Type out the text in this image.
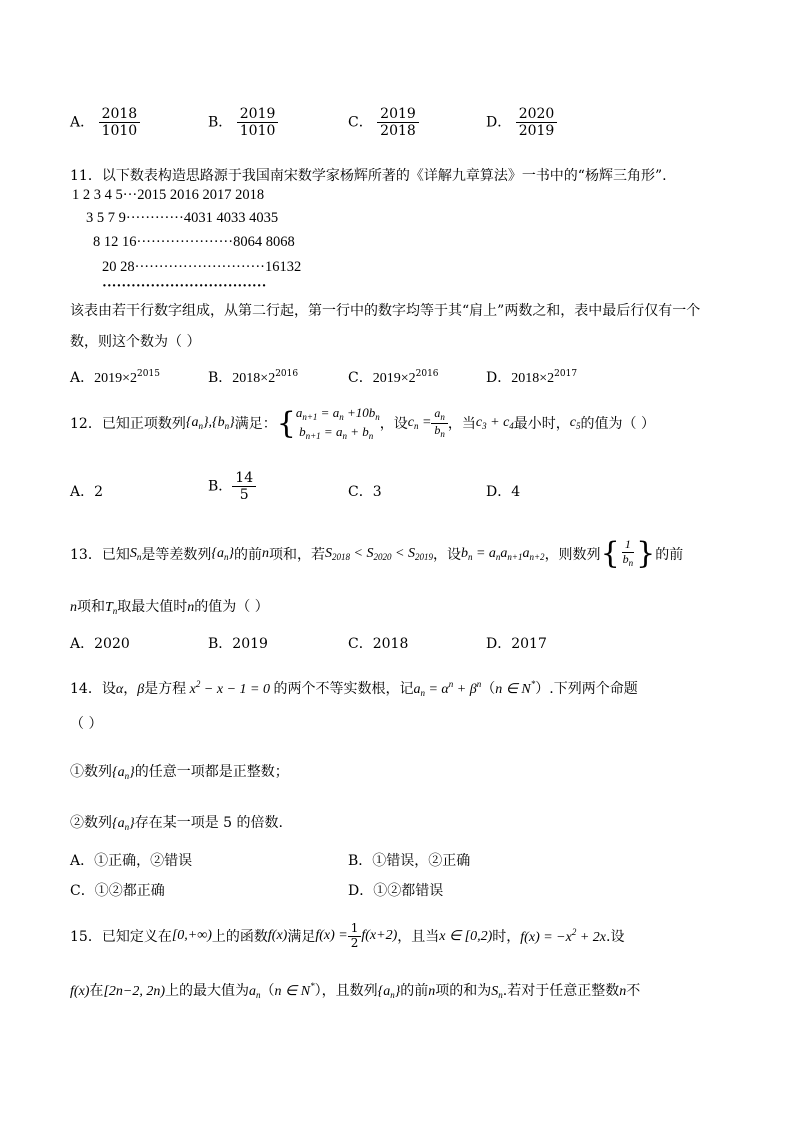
A． $\frac{2018}{1010}$	B． $\frac{2019}{1010}$	C． $\frac{2019}{2018}$	D． $\frac{2020}{2019}$
11．以下数表构造思路源于我国南宋数学家杨辉所著的《详解九章算法》一书中的“杨辉三角形”.
1 2 3 4 5···2015 2016 2017 2018
3 5 7 9············4031 4033 4035
8 12 16····················8064 8068
20 28···························16132
··································
该表由若干行数字组成，从第二行起，第一行中的数字均等于其“肩上”两数之和，表中最后行仅有一个
数，则这个数为（ ）
A．$2019\times 2^{2015}$	B．$2018\times 2^{2016}$	C．$2019\times 2^{2016}$	D．$2018\times 2^{2017}$
12．已知正项数列 $\{a_n\},\{b_n\}$ 满足： { $a_{n+1} = a_n +10b_n$
$b_{n+1} = a_n + b_n$
，设 $c_n = \frac{a_n}{b_n}$ ，当 $c_3 + c_4$ 最小时， $c_5$ 的值为（ ）
A．2	B． $\frac{14}{5}$	C．3	D．4
13．已知 $S_n$ 是等差数列 $\{a_n\}$ 的前 n 项和，若 $S_{2018} < S_{2020} < S_{2019}$ ，设 $b_n = a_na_{n+1}a_{n+2}$ ，则数列 { $\frac{1}{b_n}$ } 的前
n项和$T_n$取最大值时n的值为（ ）
A．2020	B．2019	C．2018	D．2017
14．设α，β是方程 $x^2 - x - 1 = 0$ 的两个不等实数根，记$a_n = \alpha^n + \beta^n(n$ ∈ N*）.下列两个命题
（ ）
①数列$\{a_n\}$的任意一项都是正整数；
②数列$\{a_n\}$存在某一项是 5 的倍数.
A．①正确，②错误	B．①错误，②正确
C．①②都正确	D．①②都错误
15．已知定义在 [0,+∞) 上的函数 f(x) 满足 $f(x) = \frac{1}{2} f(x+2)$ ，且当 x ∈ [0,2) 时， $f(x) = -x^2 + 2x$ .设
f(x)在[2n−2, 2n)上的最大值为$a_n(n$ ∈ N*），且数列$\{a_n\}$的前n项的和为$S_n$.若对于任意正整数n不
